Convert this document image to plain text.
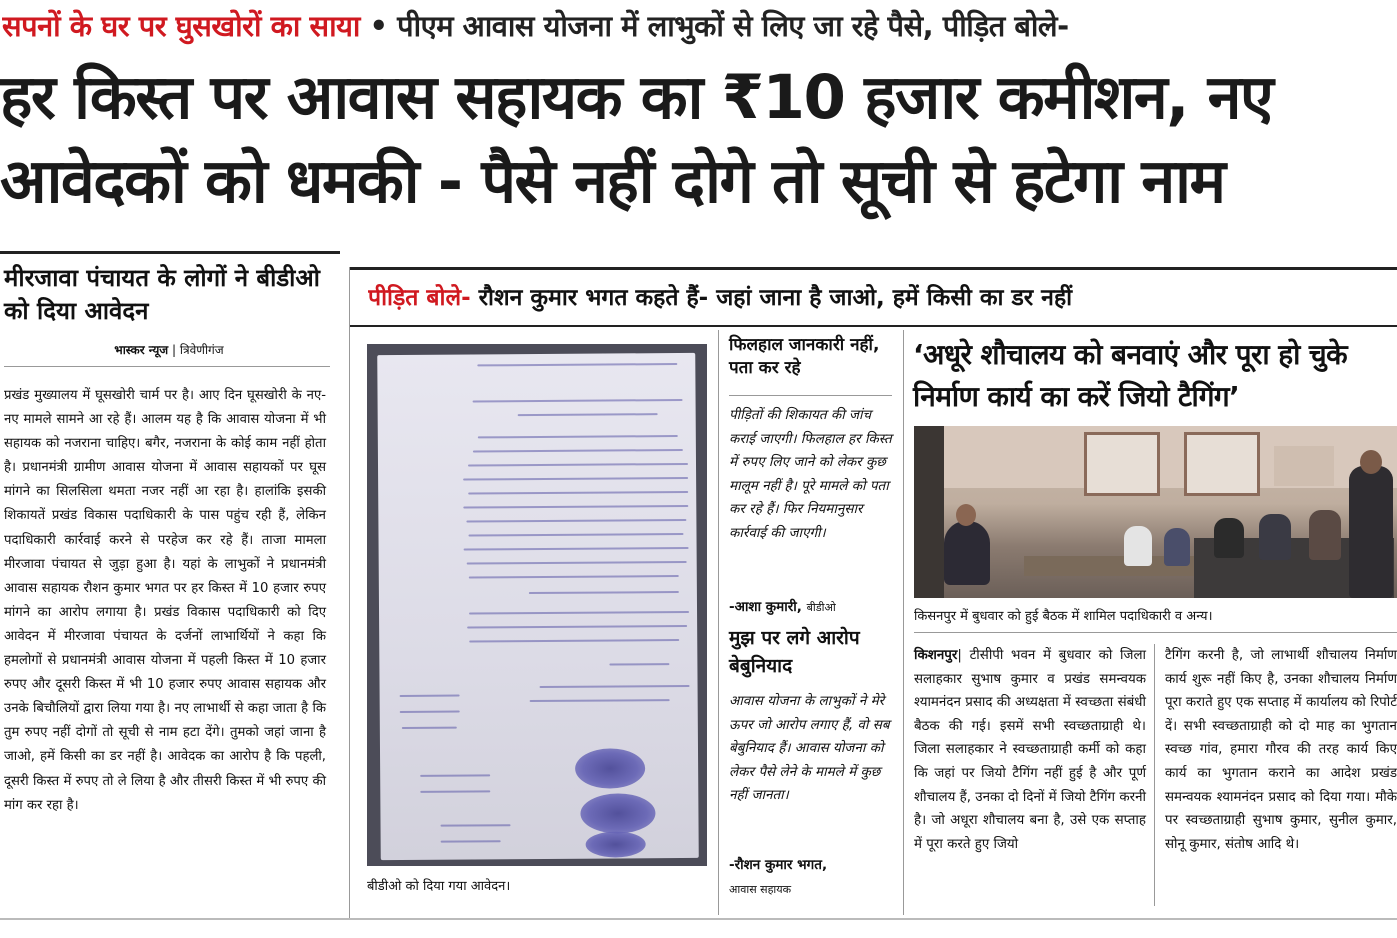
सपनों के घर पर घुसखोरों का साया • पीएम आवास योजना में लाभुकों से लिए जा रहे पैसे, पीड़ित बोले-
हर किस्त पर आवास सहायक का ₹10 हजार कमीशन, नए
आवेदकों को धमकी - पैसे नहीं दोगे तो सूची से हटेगा नाम
मीरजावा पंचायत के लोगों ने बीडीओ को दिया आवेदन
भास्कर न्यूज | त्रिवेणीगंज
प्रखंड मुख्यालय में घूसखोरी चार्म पर है। आए दिन घूसखोरी के नए-नए मामले सामने आ रहे हैं। आलम यह है कि आवास योजना में भी सहायक को नजराना चाहिए। बगैर, नजराना के कोई काम नहीं होता है। प्रधानमंत्री ग्रामीण आवास योजना में आवास सहायकों पर घूस मांगने का सिलसिला थमता नजर नहीं आ रहा है। हालांकि इसकी शिकायतें प्रखंड विकास पदाधिकारी के पास पहुंच रही हैं, लेकिन पदाधिकारी कार्रवाई करने से परहेज कर रहे हैं। ताजा मामला मीरजावा पंचायत से जुड़ा हुआ है। यहां के लाभुकों ने प्रधानमंत्री आवास सहायक रौशन कुमार भगत पर हर किस्त में 10 हजार रुपए मांगने का आरोप लगाया है। प्रखंड विकास पदाधिकारी को दिए आवेदन में मीरजावा पंचायत के दर्जनों लाभार्थियों ने कहा कि हमलोगों से प्रधानमंत्री आवास योजना में पहली किस्त में 10 हजार रुपए और दूसरी किस्त में भी 10 हजार रुपए आवास सहायक और उनके बिचौलियों द्वारा लिया गया है। नए लाभार्थी से कहा जाता है कि तुम रुपए नहीं दोगों तो सूची से नाम हटा देंगे। तुमको जहां जाना है जाओ, हमें किसी का डर नहीं है। आवेदक का आरोप है कि पहली, दूसरी किस्त में रुपए तो ले लिया है और तीसरी किस्त में भी रुपए की मांग कर रहा है।
पीड़ित बोले- रौशन कुमार भगत कहते हैं- जहां जाना है जाओ, हमें किसी का डर नहीं
बीडीओ को दिया गया आवेदन।
फिलहाल जानकारी नहीं, पता कर रहे
पीड़ितों की शिकायत की जांच कराई जाएगी। फिलहाल हर किस्त में रुपए लिए जाने को लेकर कुछ मालूम नहीं है। पूरे मामले को पता कर रहे हैं। फिर नियमानुसार कार्रवाई की जाएगी।
-आशा कुमारी, बीडीओ
मुझ पर लगे आरोप बेबुनियाद
आवास योजना के लाभुकों ने मेरे ऊपर जो आरोप लगाए हैं, वो सब बेबुनियाद हैं। आवास योजना को लेकर पैसे लेने के मामले में कुछ नहीं जानता।
-रौशन कुमार भगत,
आवास सहायक
‘अधूरे शौचालय को बनवाएं और पूरा हो चुके निर्माण कार्य का करें जियो टैगिंग’
किसनपुर में बुधवार को हुई बैठक में शामिल पदाधिकारी व अन्य।
किशनपुर| टीसीपी भवन में बुधवार को जिला सलाहकार सुभाष कुमार व प्रखंड समन्वयक श्यामनंदन प्रसाद की अध्यक्षता में स्वच्छता संबंधी बैठक की गई। इसमें सभी स्वच्छताग्राही थे। जिला सलाहकार ने स्वच्छताग्राही कर्मी को कहा कि जहां पर जियो टैगिंग नहीं हुई है और पूर्ण शौचालय हैं, उनका दो दिनों में जियो टैगिंग करनी है। जो अधूरा शौचालय बना है, उसे एक सप्ताह में पूरा करते हुए जियो
टैगिंग करनी है, जो लाभार्थी शौचालय निर्माण कार्य शुरू नहीं किए है, उनका शौचालय निर्माण पूरा कराते हुए एक सप्ताह में कार्यालय को रिपोर्ट दें। सभी स्वच्छताग्राही को दो माह का भुगतान स्वच्छ गांव, हमारा गौरव की तरह कार्य किए कार्य का भुगतान कराने का आदेश प्रखंड समन्वयक श्यामनंदन प्रसाद को दिया गया। मौके पर स्वच्छताग्राही सुभाष कुमार, सुनील कुमार, सोनू कुमार, संतोष आदि थे।
